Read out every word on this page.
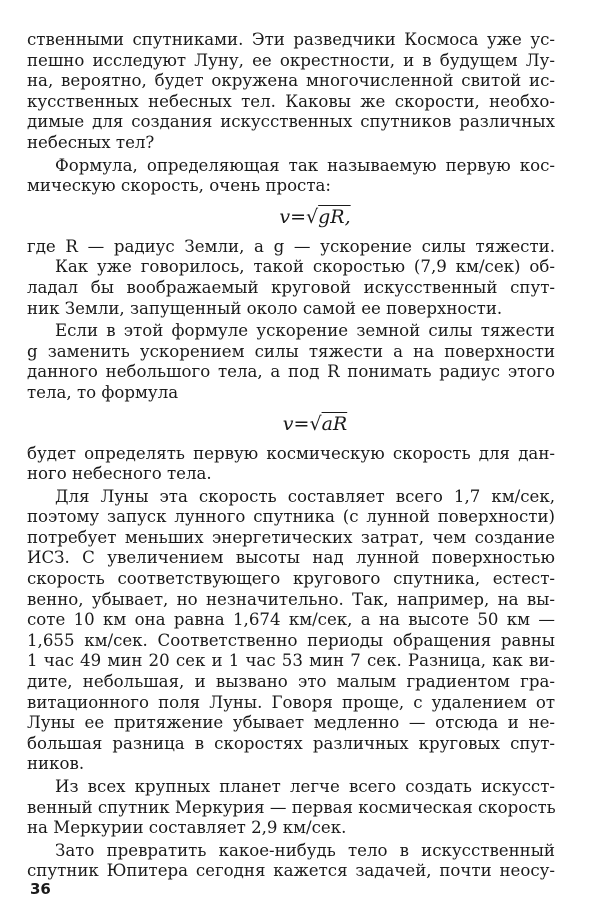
ственными спутниками. Эти разведчики Космоса уже ус-
пешно исследуют Луну, ее окрестности, и в будущем Лу-
на, вероятно, будет окружена многочисленной свитой ис-
кусственных небесных тел. Каковы же скорости, необхо-
димые для создания искусственных спутников различных
небесных тел?
Формула, определяющая так называемую первую кос-
мическую скорость, очень проста:
v=√gR,
где R — радиус Земли, а g — ускорение силы тяжести.
Как уже говорилось, такой скоростью (7,9 км/сек) об-
ладал бы воображаемый круговой искусственный спут-
ник Земли, запущенный около самой ее поверхности.
Если в этой формуле ускорение земной силы тяжести
g заменить ускорением силы тяжести a на поверхности
данного небольшого тела, а под R понимать радиус этого
тела, то формула
v=√aR
будет определять первую космическую скорость для дан-
ного небесного тела.
Для Луны эта скорость составляет всего 1,7 км/сек,
поэтому запуск лунного спутника (с лунной поверхности)
потребует меньших энергетических затрат, чем создание
ИСЗ. С увеличением высоты над лунной поверхностью
скорость соответствующего кругового спутника, естест-
венно, убывает, но незначительно. Так, например, на вы-
соте 10 км она равна 1,674 км/сек, а на высоте 50 км —
1,655 км/сек. Соответственно периоды обращения равны
1 час 49 мин 20 сек и 1 час 53 мин 7 сек. Разница, как ви-
дите, небольшая, и вызвано это малым градиентом гра-
витационного поля Луны. Говоря проще, с удалением от
Луны ее притяжение убывает медленно — отсюда и не-
большая разница в скоростях различных круговых спут-
ников.
Из всех крупных планет легче всего создать искусст-
венный спутник Меркурия — первая космическая скорость
на Меркурии составляет 2,9 км/сек.
Зато превратить какое-нибудь тело в искусственный
спутник Юпитера сегодня кажется задачей, почти неосу-
36
